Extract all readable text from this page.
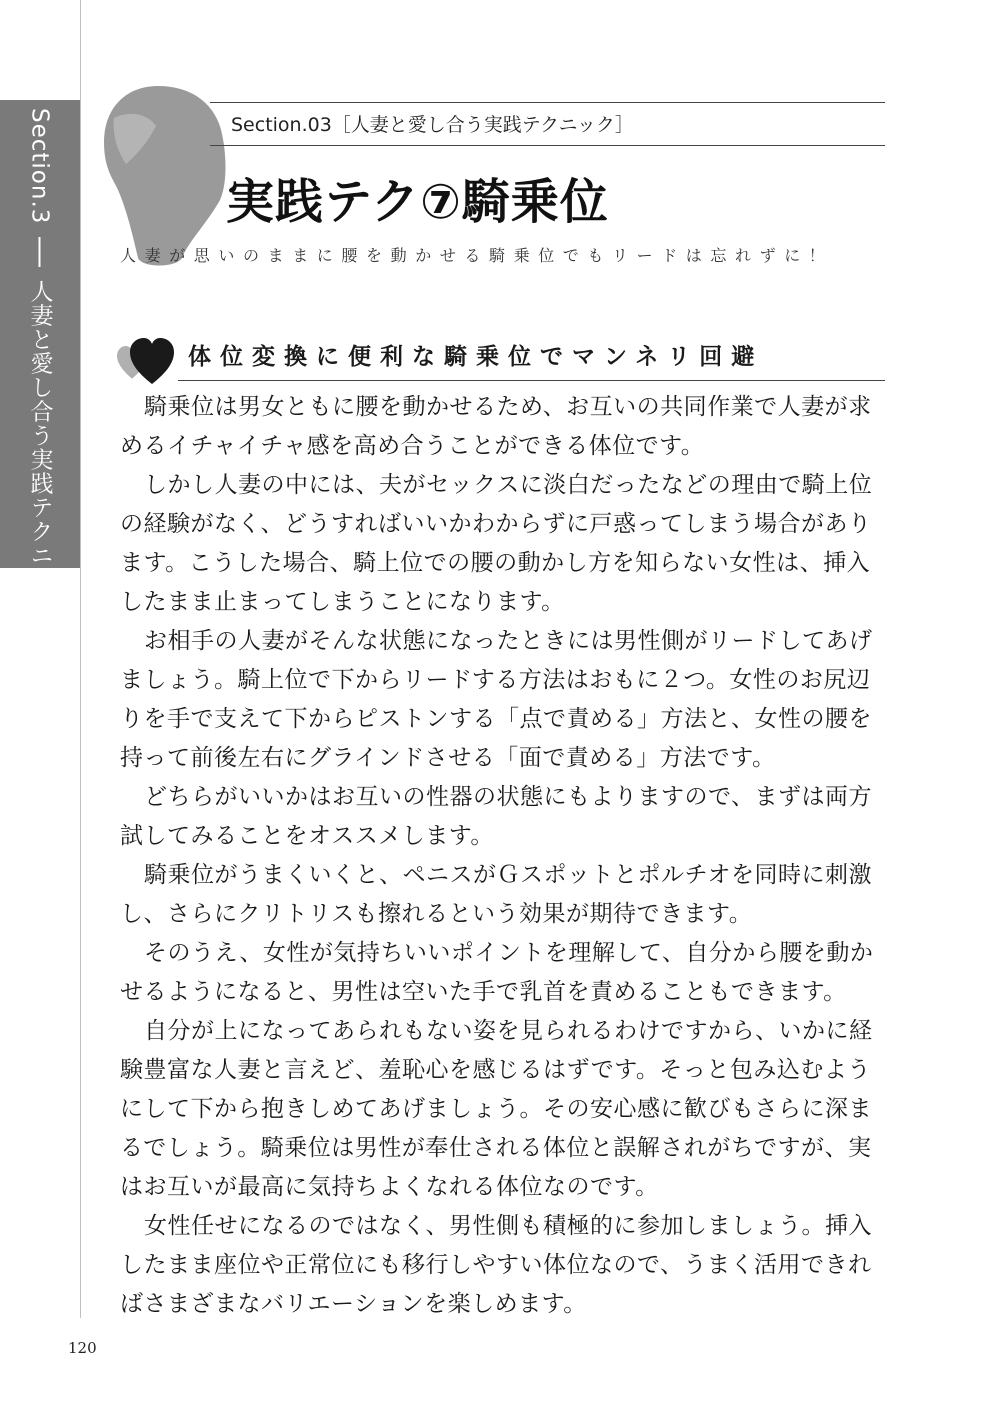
Section.3  人妻と愛し合う実践テクニック
Section.03［人妻と愛し合う実践テクニック］
実践テク⑦騎乗位
人妻が思いのままに腰を動かせる騎乗位でもリードは忘れずに！
体位変換に便利な騎乗位でマンネリ回避
騎乗位は男女ともに腰を動かせるため、お互いの共同作業で人妻が求
めるイチャイチャ感を高め合うことができる体位です。
しかし人妻の中には、夫がセックスに淡白だったなどの理由で騎上位
の経験がなく、どうすればいいかわからずに戸惑ってしまう場合があり
ます。こうした場合、騎上位での腰の動かし方を知らない女性は、挿入
したまま止まってしまうことになります。
お相手の人妻がそんな状態になったときには男性側がリードしてあげ
ましょう。騎上位で下からリードする方法はおもに２つ。女性のお尻辺
りを手で支えて下からピストンする「点で責める」方法と、女性の腰を
持って前後左右にグラインドさせる「面で責める」方法です。
どちらがいいかはお互いの性器の状態にもよりますので、まずは両方
試してみることをオススメします。
騎乗位がうまくいくと、ペニスがＧスポットとポルチオを同時に刺激
し、さらにクリトリスも擦れるという効果が期待できます。
そのうえ、女性が気持ちいいポイントを理解して、自分から腰を動か
せるようになると、男性は空いた手で乳首を責めることもできます。
自分が上になってあられもない姿を見られるわけですから、いかに経
験豊富な人妻と言えど、羞恥心を感じるはずです。そっと包み込むよう
にして下から抱きしめてあげましょう。その安心感に歓びもさらに深ま
るでしょう。騎乗位は男性が奉仕される体位と誤解されがちですが、実
はお互いが最高に気持ちよくなれる体位なのです。
女性任せになるのではなく、男性側も積極的に参加しましょう。挿入
したまま座位や正常位にも移行しやすい体位なので、うまく活用できれ
ばさまざまなバリエーションを楽しめます。
120
